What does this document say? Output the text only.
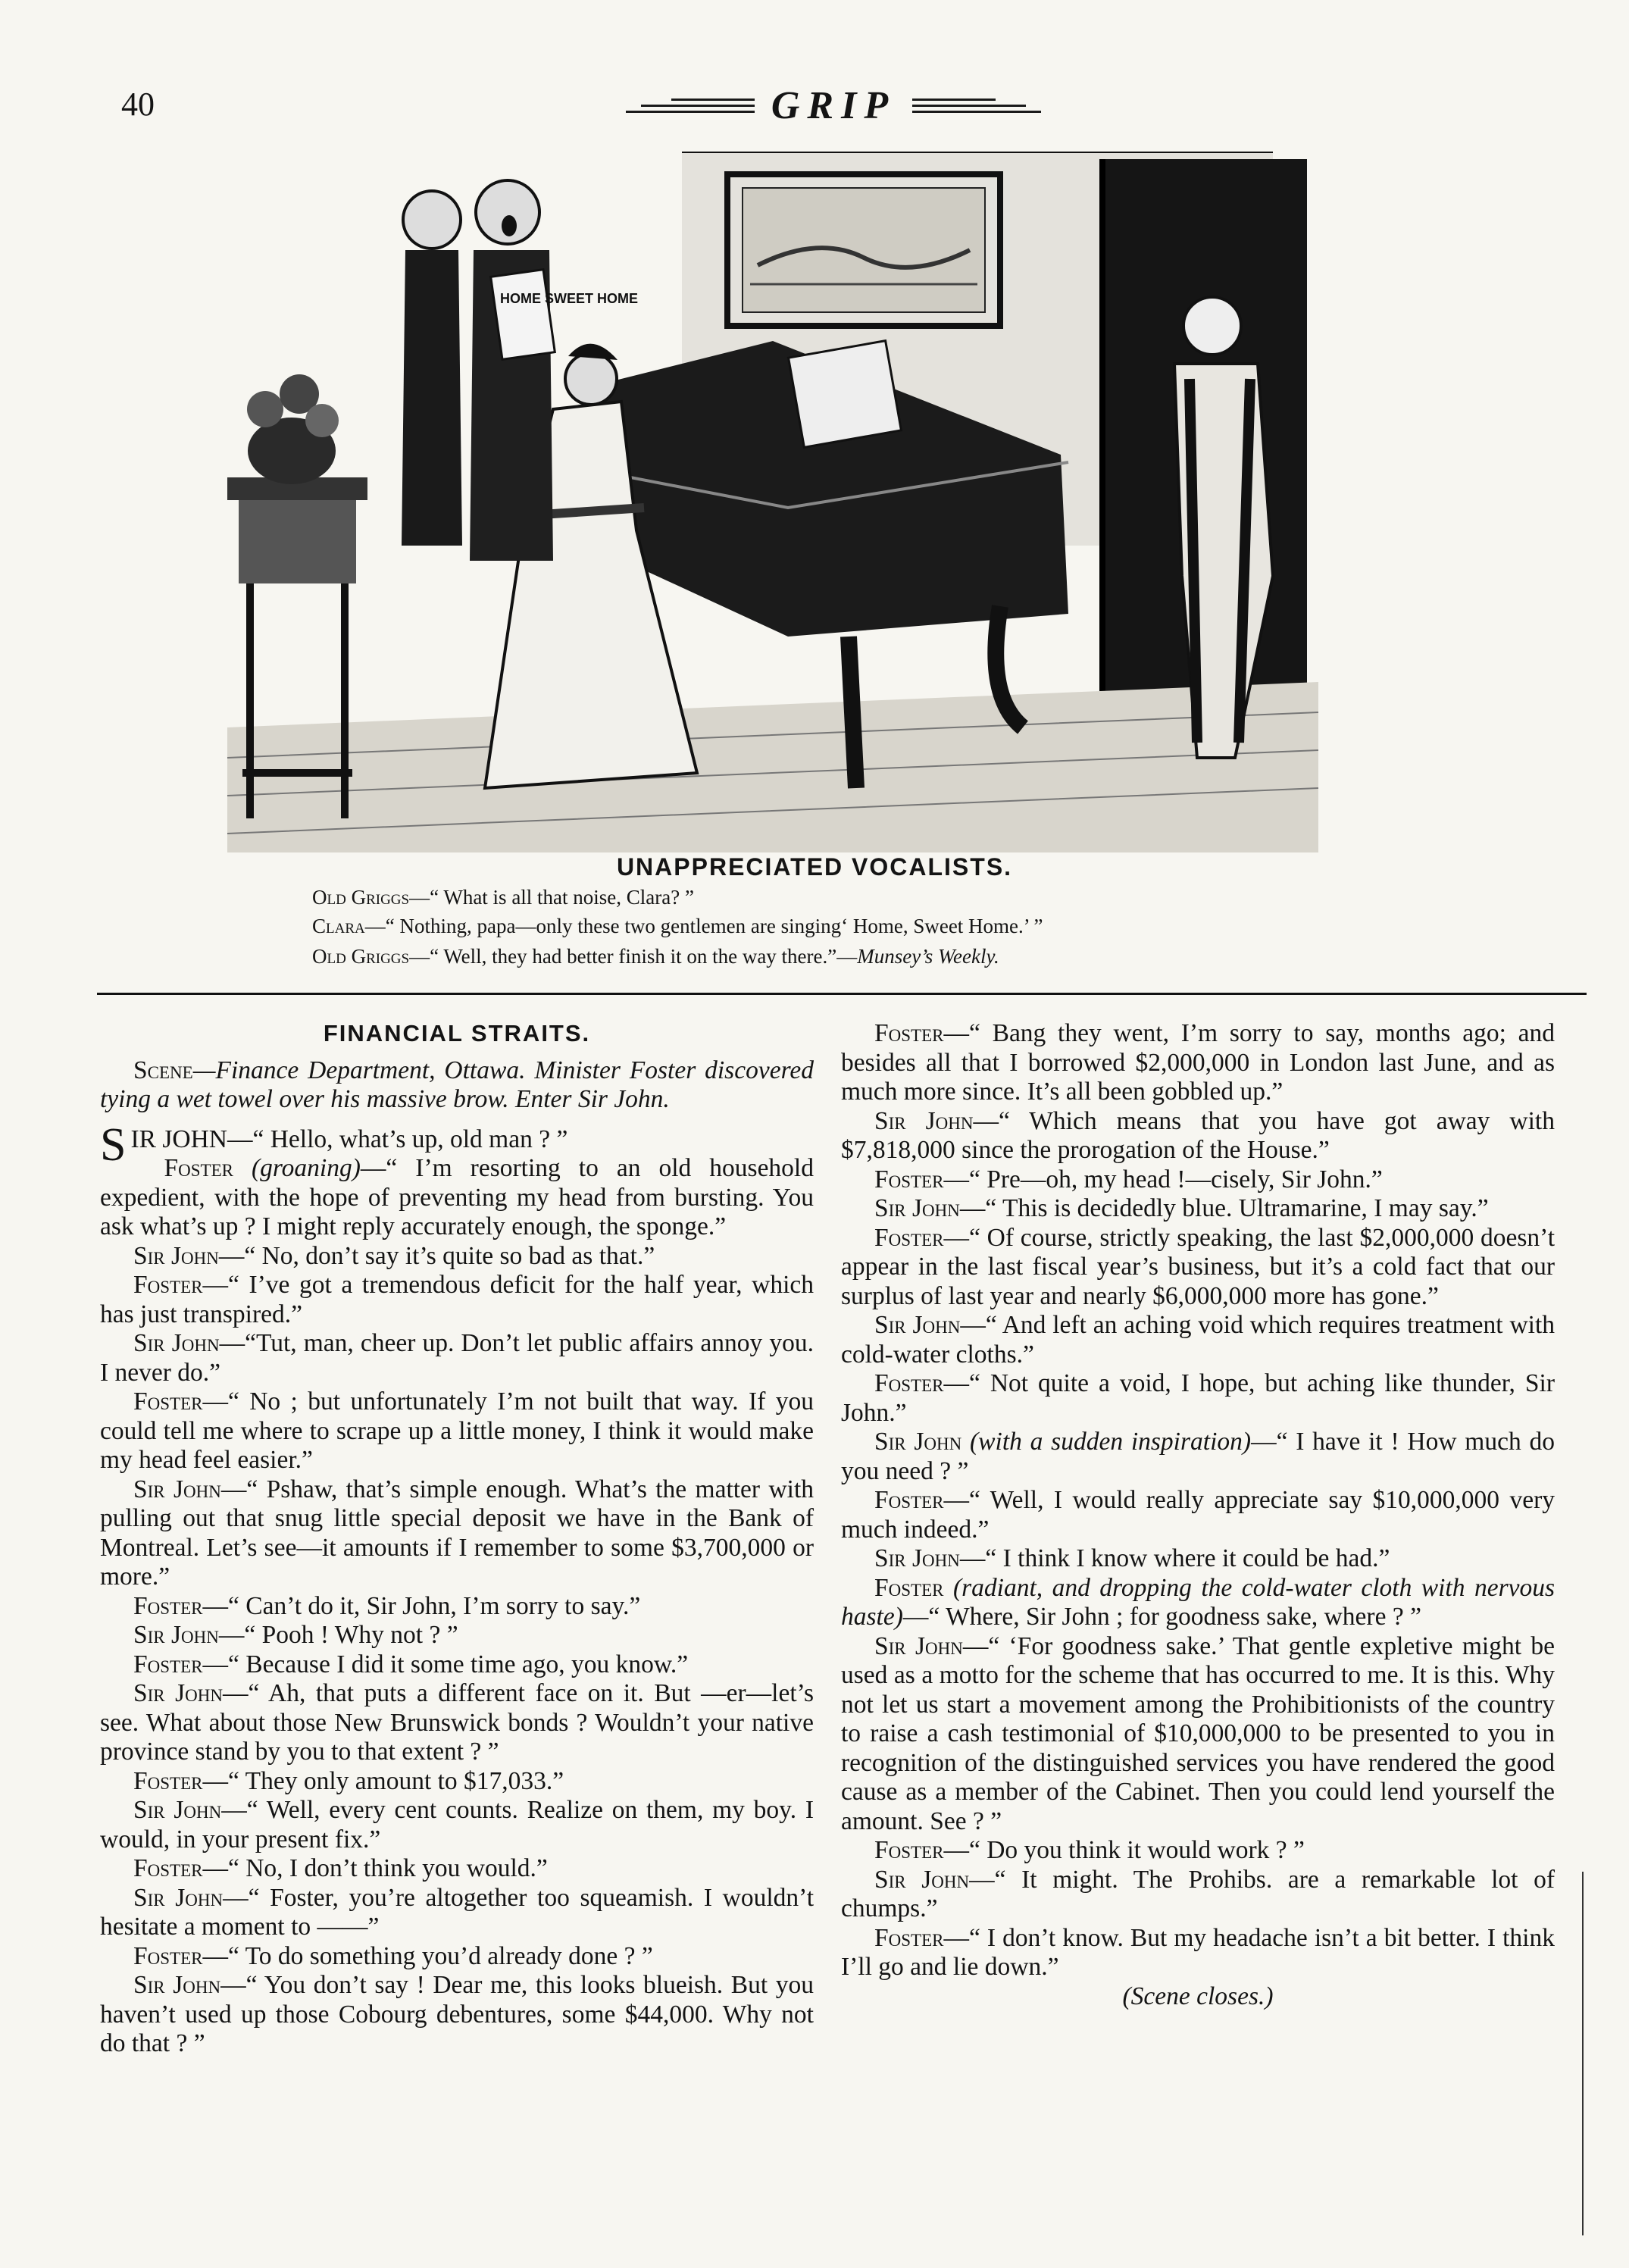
40	GRIP
HOME SWEET HOME
UNAPPRECIATED VOCALISTS.
Old Griggs—“ What is all that noise, Clara? ”
Clara—“ Nothing, papa—only these two gentlemen are singing‘ Home, Sweet Home.’ ”
Old Griggs—“ Well, they had better finish it on the way there.”—Munsey’s Weekly.
FINANCIAL STRAITS.

Scene—Finance Department, Ottawa. Minister Foster discovered tying a wet towel over his massive brow. Enter Sir John.

SIR JOHN—“ Hello, what’s up, old man ? ”

Foster (groaning)—“ I’m resorting to an old household expedient, with the hope of preventing my head from bursting. You ask what’s up ? I might reply accurately enough, the sponge.”

Sir John—“ No, don’t say it’s quite so bad as that.”

Foster—“ I’ve got a tremendous deficit for the half year, which has just transpired.”

Sir John—“Tut, man, cheer up. Don’t let public affairs annoy you. I never do.”

Foster—“ No ; but unfortunately I’m not built that way. If you could tell me where to scrape up a little money, I think it would make my head feel easier.”

Sir John—“ Pshaw, that’s simple enough. What’s the matter with pulling out that snug little special deposit we have in the Bank of Montreal. Let’s see—it amounts if I remember to some $3,700,000 or more.”

Foster—“ Can’t do it, Sir John, I’m sorry to say.”

Sir John—“ Pooh ! Why not ? ”

Foster—“ Because I did it some time ago, you know.”

Sir John—“ Ah, that puts a different face on it. But —er—let’s see. What about those New Brunswick bonds ? Wouldn’t your native province stand by you to that extent ? ”

Foster—“ They only amount to $17,033.”

Sir John—“ Well, every cent counts. Realize on them, my boy. I would, in your present fix.”

Foster—“ No, I don’t think you would.”

Sir John—“ Foster, you’re altogether too squeamish. I wouldn’t hesitate a moment to ——”

Foster—“ To do something you’d already done ? ”

Sir John—“ You don’t say ! Dear me, this looks blueish. But you haven’t used up those Cobourg debentures, some $44,000. Why not do that ? ”

Foster—“ Bang they went, I’m sorry to say, months ago; and besides all that I borrowed $2,000,000 in London last June, and as much more since. It’s all been gobbled up.”

Sir John—“ Which means that you have got away with $7,818,000 since the prorogation of the House.”

Foster—“ Pre—oh, my head !—cisely, Sir John.”

Sir John—“ This is decidedly blue. Ultramarine, I may say.”

Foster—“ Of course, strictly speaking, the last $2,000,000 doesn’t appear in the last fiscal year’s business, but it’s a cold fact that our surplus of last year and nearly $6,000,000 more has gone.”

Sir John—“ And left an aching void which requires treatment with cold-water cloths.”

Foster—“ Not quite a void, I hope, but aching like thunder, Sir John.”

Sir John (with a sudden inspiration)—“ I have it ! How much do you need ? ”

Foster—“ Well, I would really appreciate say $10,000,000 very much indeed.”

Sir John—“ I think I know where it could be had.”

Foster (radiant, and dropping the cold-water cloth with nervous haste)—“ Where, Sir John ; for goodness sake, where ? ”

Sir John—“ ‘For goodness sake.’ That gentle expletive might be used as a motto for the scheme that has occurred to me. It is this. Why not let us start a movement among the Prohibitionists of the country to raise a cash testimonial of $10,000,000 to be presented to you in recognition of the distinguished services you have rendered the good cause as a member of the Cabinet. Then you could lend yourself the amount. See ? ”

Foster—“ Do you think it would work ? ”

Sir John—“ It might. The Prohibs. are a remarkable lot of chumps.”

Foster—“ I don’t know. But my headache isn’t a bit better. I think I’ll go and lie down.”

(Scene closes.)
